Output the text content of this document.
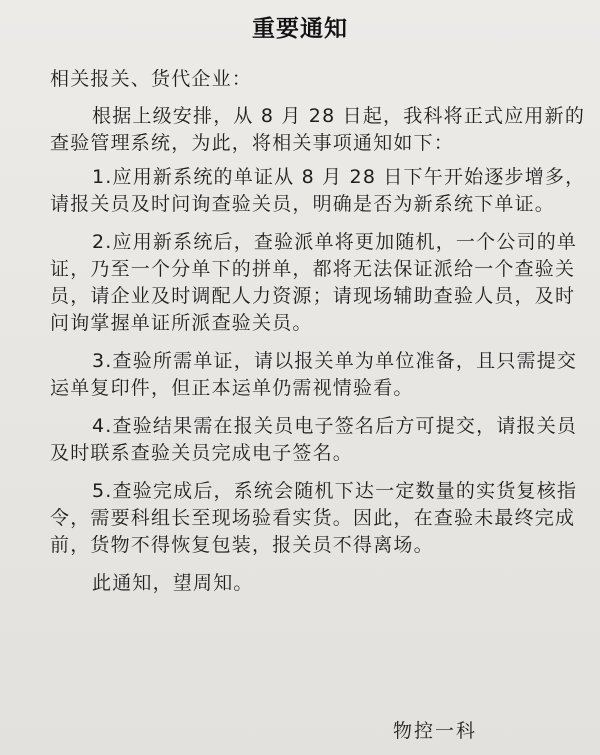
重要通知
相关报关、货代企业：
根据上级安排，从 8 月 28 日起，我科将正式应用新的
查验管理系统，为此，将相关事项通知如下：
1.应用新系统的单证从 8 月 28 日下午开始逐步增多，
请报关员及时问询查验关员，明确是否为新系统下单证。
2.应用新系统后，查验派单将更加随机，一个公司的单
证，乃至一个分单下的拼单，都将无法保证派给一个查验关
员，请企业及时调配人力资源；请现场辅助查验人员，及时
问询掌握单证所派查验关员。
3.查验所需单证，请以报关单为单位准备，且只需提交
运单复印件，但正本运单仍需视情验看。
4.查验结果需在报关员电子签名后方可提交，请报关员
及时联系查验关员完成电子签名。
5.查验完成后，系统会随机下达一定数量的实货复核指
令，需要科组长至现场验看实货。因此，在查验未最终完成
前，货物不得恢复包装，报关员不得离场。
此通知，望周知。
物控一科
